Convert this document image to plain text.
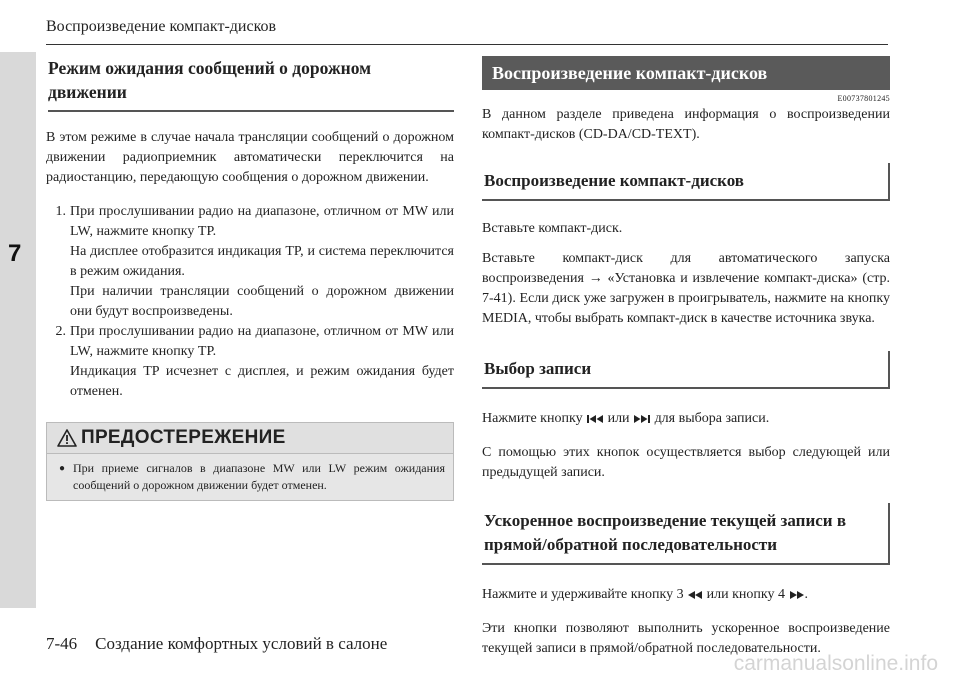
7
Воспроизведение компакт-дисков
Режим ожидания сообщений о дорожном движении

В этом режиме в случае начала трансляции сообщений о дорожном движении радиоприемник автоматически переключится на радиостанцию, передающую сообщения о дорожном движении.

1. При прослушивании радио на диапазоне, отличном от MW или LW, нажмите кнопку TP.
На дисплее отобразится индикация TP, и система переключится в режим ожидания.
При наличии трансляции сообщений о дорожном движении они будут воспроизведены.
2. При прослушивании радио на диапазоне, отличном от MW или LW, нажмите кнопку TP.
Индикация TP исчезнет с дисплея, и режим ожидания будет отменен.
ПРЕДОСТЕРЕЖЕНИЕ
● При приеме сигналов в диапазоне MW или LW режим ожидания сообщений о дорожном движении будет отменен.
Воспроизведение компакт-дисков
E00737801245

В данном разделе приведена информация о воспроизведении компакт-дисков (CD-DA/CD-TEXT).

Воспроизведение компакт-дисков

Вставьте компакт-диск.

Вставьте компакт-диск для автоматического запуска воспроизведения → «Установка и извлечение компакт-диска» (стр. 7-41). Если диск уже загружен в проигрыватель, нажмите на кнопку MEDIA, чтобы выбрать компакт-диск в качестве источника звука.

Выбор записи

Нажмите кнопку  или  для выбора записи.

С помощью этих кнопок осуществляется выбор следующей или предыдущей записи.

Ускоренное воспроизведение текущей записи в прямой/обратной последовательности

Нажмите и удерживайте кнопку 3  или кнопку 4 .

Эти кнопки позволяют выполнить ускоренное воспроизведение текущей записи в прямой/обратной последовательности.

7-46 Создание комфортных условий в салоне
carmanualsonline.info
